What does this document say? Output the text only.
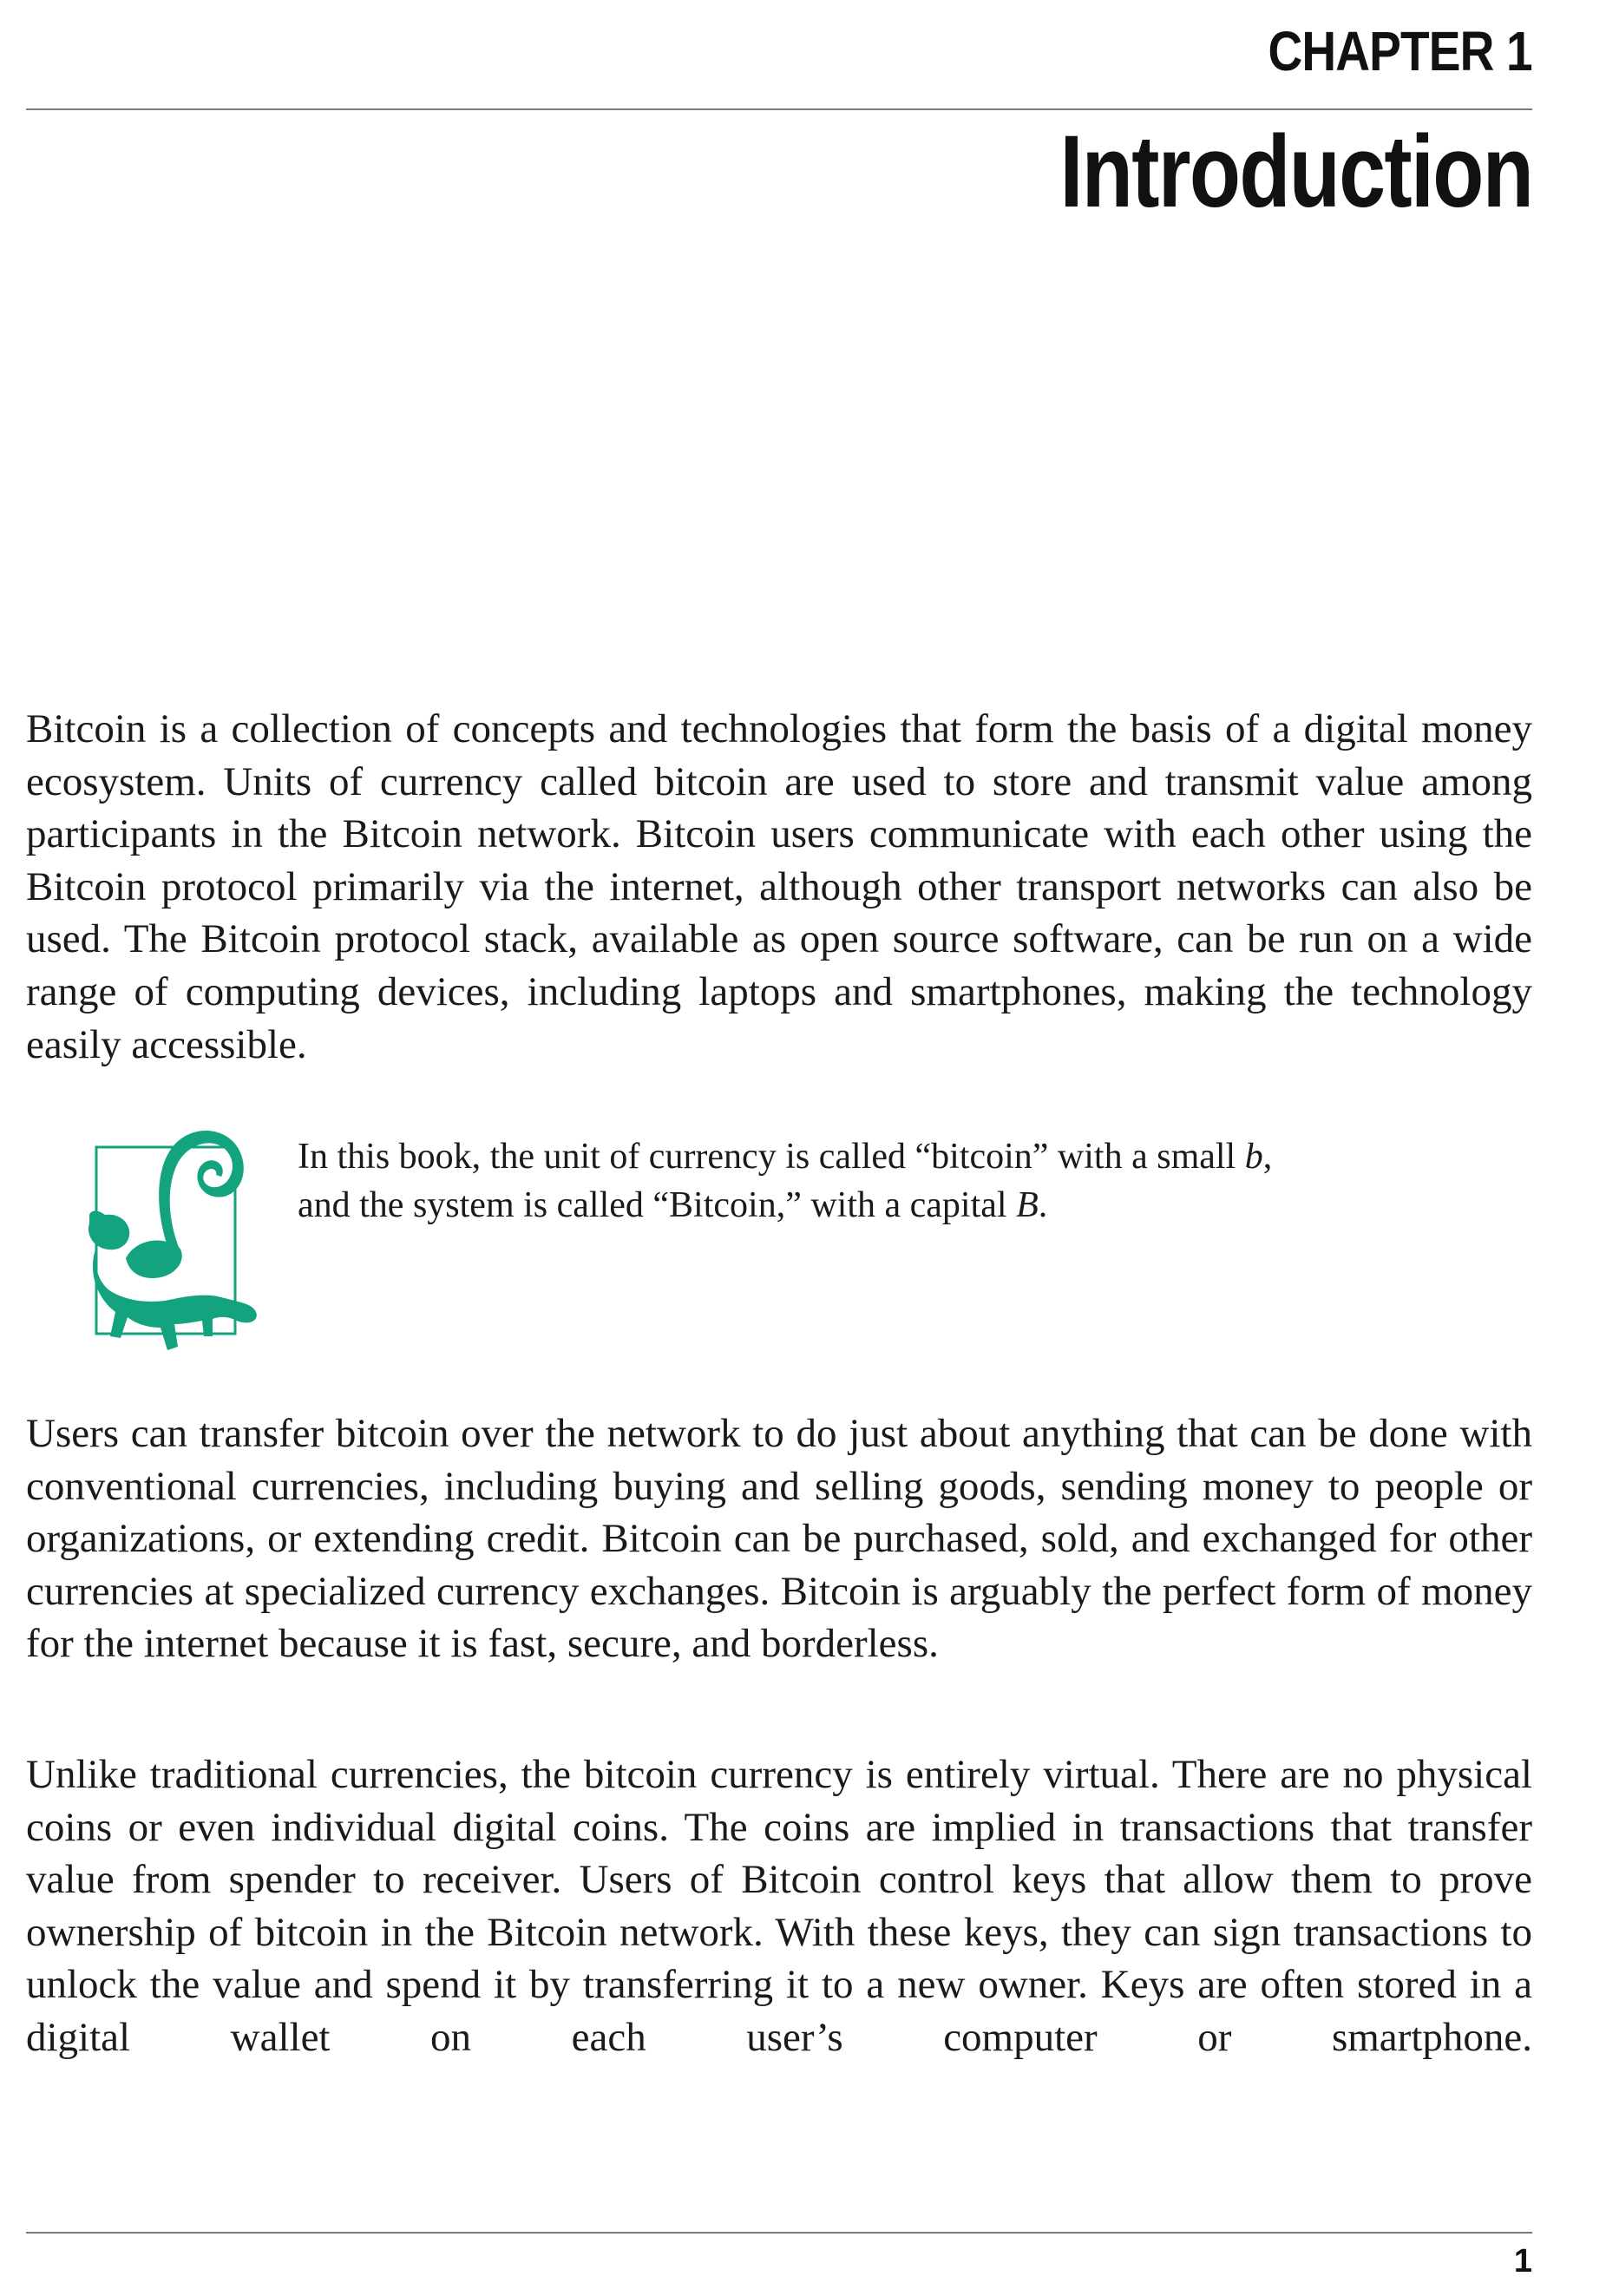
CHAPTER 1
Introduction

Bitcoin is a collection of concepts and technologies that form the basis of a digital money ecosystem. Units of currency called bitcoin are used to store and transmit value among participants in the Bitcoin network. Bitcoin users communicate with each other using the Bitcoin protocol primarily via the internet, although other transport networks can also be used. The Bitcoin protocol stack, available as open source software, can be run on a wide range of computing devices, including laptops and smartphones, making the technology easily accessible.

In this book, the unit of currency is called “bitcoin” with a small b,
and the system is called “Bitcoin,” with a capital B.

Users can transfer bitcoin over the network to do just about anything that can be done with conventional currencies, including buying and selling goods, sending money to people or organizations, or extending credit. Bitcoin can be purchased, sold, and exchanged for other currencies at specialized currency exchanges. Bitcoin is arguably the perfect form of money for the internet because it is fast, secure, and borderless.

Unlike traditional currencies, the bitcoin currency is entirely virtual. There are no physical coins or even individual digital coins. The coins are implied in transactions that transfer value from spender to receiver. Users of Bitcoin control keys that allow them to prove ownership of bitcoin in the Bitcoin network. With these keys, they can sign transactions to unlock the value and spend it by transferring it to a new owner. Keys are often stored in a digital wallet on each user’s computer or smartphone.

1
